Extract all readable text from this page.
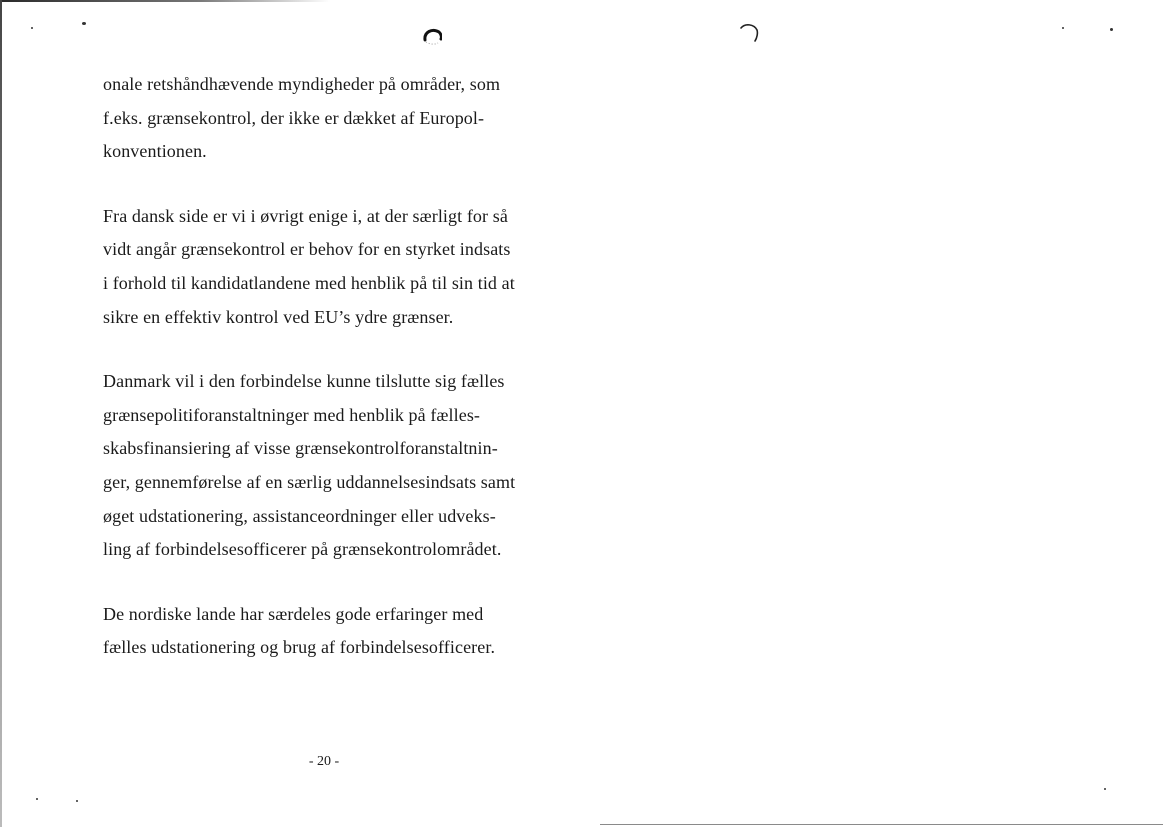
onale retshåndhævende myndigheder på områder, som
f.eks. grænsekontrol, der ikke er dækket af Europol-
konventionen.

Fra dansk side er vi i øvrigt enige i, at der særligt for så
vidt angår grænsekontrol er behov for en styrket indsats
i forhold til kandidatlandene med henblik på til sin tid at
sikre en effektiv kontrol ved EU’s ydre grænser.

Danmark vil i den forbindelse kunne tilslutte sig fælles
grænsepolitiforanstaltninger med henblik på fælles-
skabsfinansiering af visse grænsekontrolforanstaltnin-
ger, gennemførelse af en særlig uddannelsesindsats samt
øget udstationering, assistanceordninger eller udveks-
ling af forbindelsesofficerer på grænsekontrolområdet.

De nordiske lande har særdeles gode erfaringer med
fælles udstationering og brug af forbindelsesofficerer.

- 20 -
